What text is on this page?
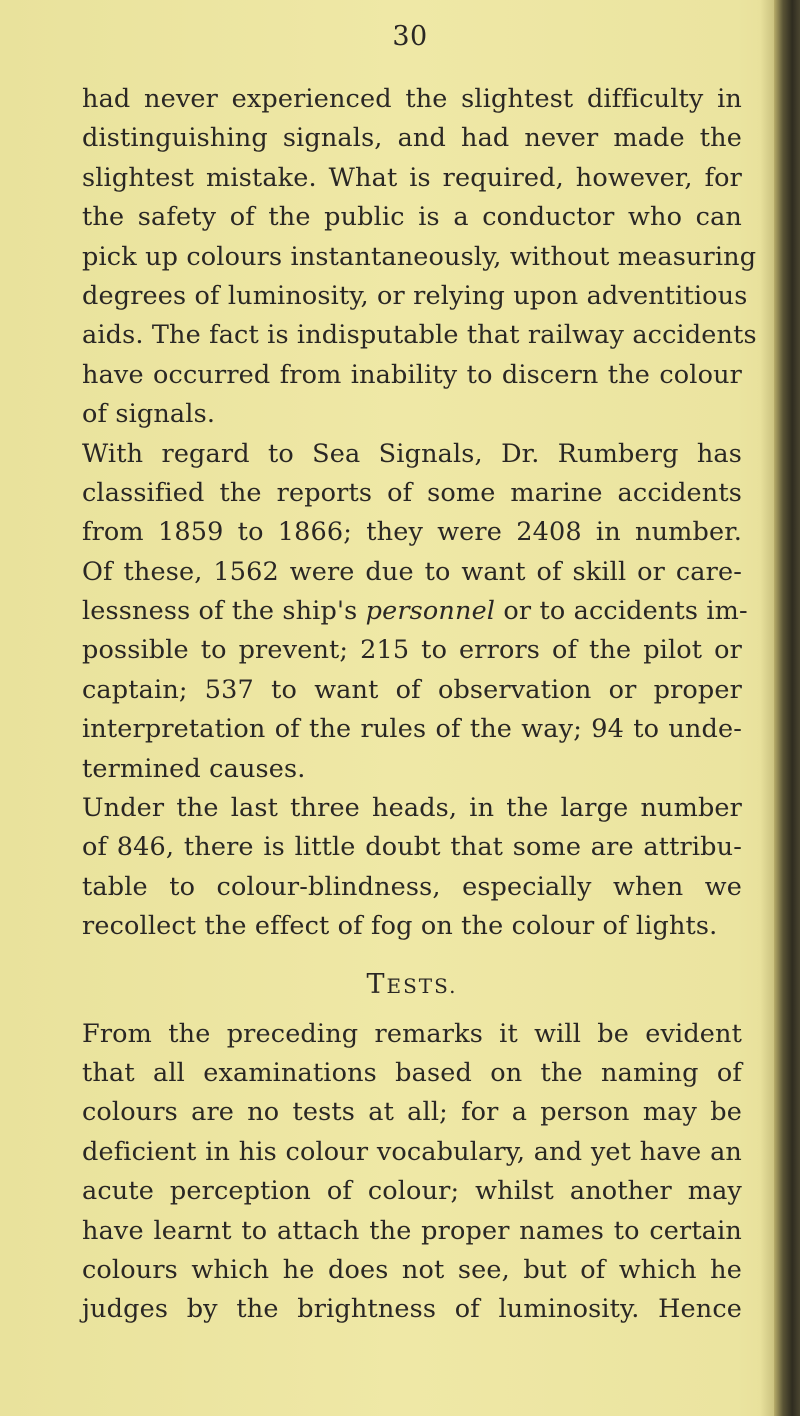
30
had never experienced the slightest difficulty in
distinguishing signals, and had never made the
slightest mistake. What is required, however, for
the safety of the public is a conductor who can
pick up colours instantaneously, without measuring
degrees of luminosity, or relying upon adventitious
aids. The fact is indisputable that railway accidents
have occurred from inability to discern the colour
of signals.
With regard to Sea Signals, Dr. Rumberg has
classified the reports of some marine accidents
from 1859 to 1866; they were 2408 in number.
Of these, 1562 were due to want of skill or care-
lessness of the ship's personnel or to accidents im-
possible to prevent; 215 to errors of the pilot or
captain; 537 to want of observation or proper
interpretation of the rules of the way; 94 to unde-
termined causes.
Under the last three heads, in the large number
of 846, there is little doubt that some are attribu-
table to colour-blindness, especially when we
recollect the effect of fog on the colour of lights.
TESTS.
From the preceding remarks it will be evident
that all examinations based on the naming of
colours are no tests at all; for a person may be
deficient in his colour vocabulary, and yet have an
acute perception of colour; whilst another may
have learnt to attach the proper names to certain
colours which he does not see, but of which he
judges by the brightness of luminosity. Hence
